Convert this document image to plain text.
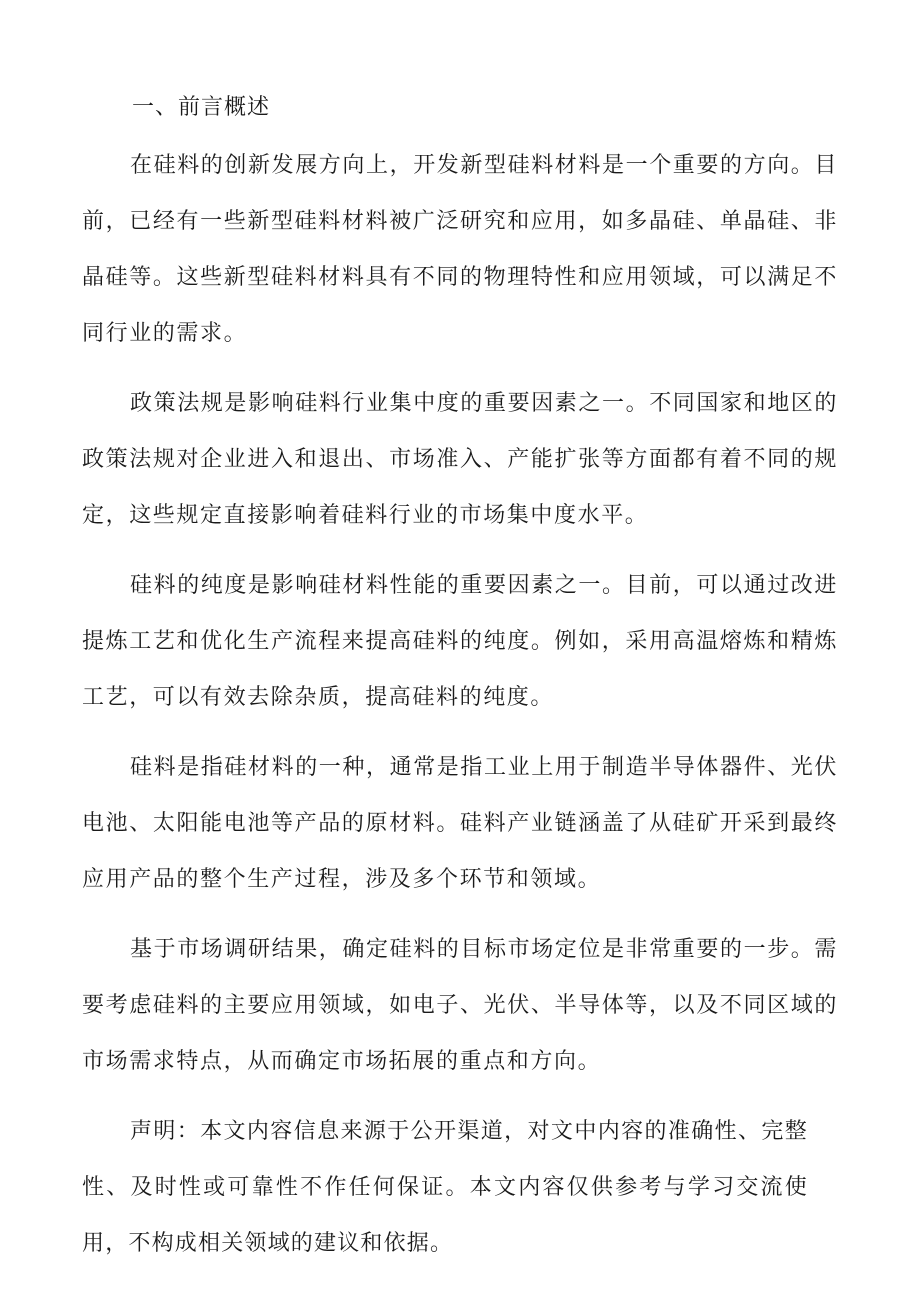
一、前言概述

在硅料的创新发展方向上，开发新型硅料材料是一个重要的方向。目前，已经有一些新型硅料材料被广泛研究和应用，如多晶硅、单晶硅、非晶硅等。这些新型硅料材料具有不同的物理特性和应用领域，可以满足不同行业的需求。

政策法规是影响硅料行业集中度的重要因素之一。不同国家和地区的政策法规对企业进入和退出、市场准入、产能扩张等方面都有着不同的规定，这些规定直接影响着硅料行业的市场集中度水平。

硅料的纯度是影响硅材料性能的重要因素之一。目前，可以通过改进提炼工艺和优化生产流程来提高硅料的纯度。例如，采用高温熔炼和精炼工艺，可以有效去除杂质，提高硅料的纯度。

硅料是指硅材料的一种，通常是指工业上用于制造半导体器件、光伏电池、太阳能电池等产品的原材料。硅料产业链涵盖了从硅矿开采到最终应用产品的整个生产过程，涉及多个环节和领域。

基于市场调研结果，确定硅料的目标市场定位是非常重要的一步。需要考虑硅料的主要应用领域，如电子、光伏、半导体等，以及不同区域的市场需求特点，从而确定市场拓展的重点和方向。

声明：本文内容信息来源于公开渠道，对文中内容的准确性、完整性、及时性或可靠性不作任何保证。本文内容仅供参考与学习交流使用，不构成相关领域的建议和依据。
